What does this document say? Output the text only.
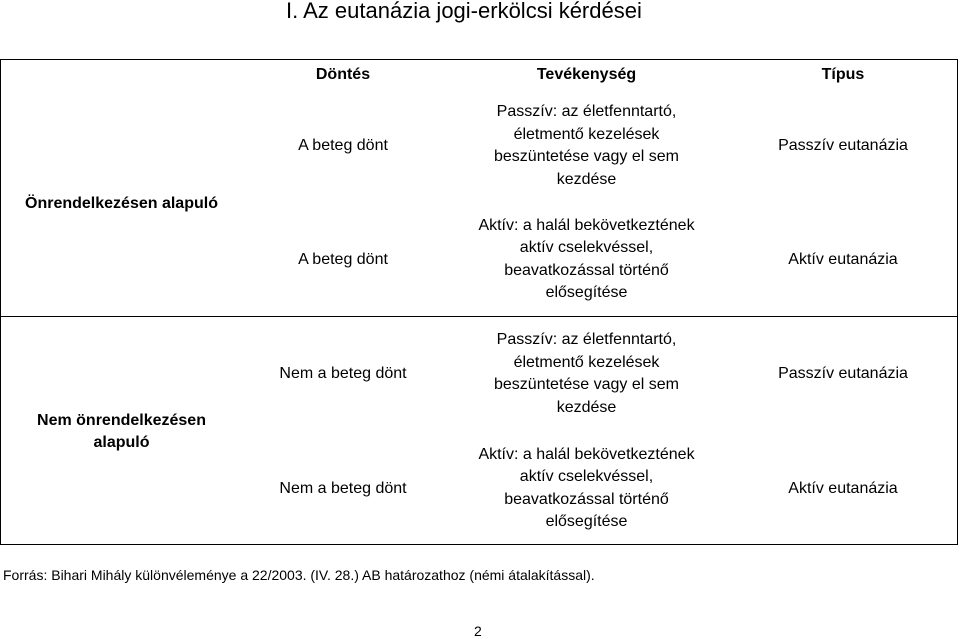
I. Az eutanázia jogi-erkölcsi kérdései
Döntés	Tevékenység	Típus
Önrendelkezésen alapuló
A beteg dönt
Passzív: az életfenntartó,
életmentő kezelések
beszüntetése vagy el sem
kezdése
Passzív eutanázia
A beteg dönt
Aktív: a halál bekövetkeztének
aktív cselekvéssel,
beavatkozással történő
elősegítése
Aktív eutanázia
Nem önrendelkezésen
alapuló
Nem a beteg dönt
Passzív: az életfenntartó,
életmentő kezelések
beszüntetése vagy el sem
kezdése
Passzív eutanázia
Nem a beteg dönt
Aktív: a halál bekövetkeztének
aktív cselekvéssel,
beavatkozással történő
elősegítése
Aktív eutanázia
Forrás: Bihari Mihály különvéleménye a 22/2003. (IV. 28.) AB határozathoz (némi átalakítással).
2
